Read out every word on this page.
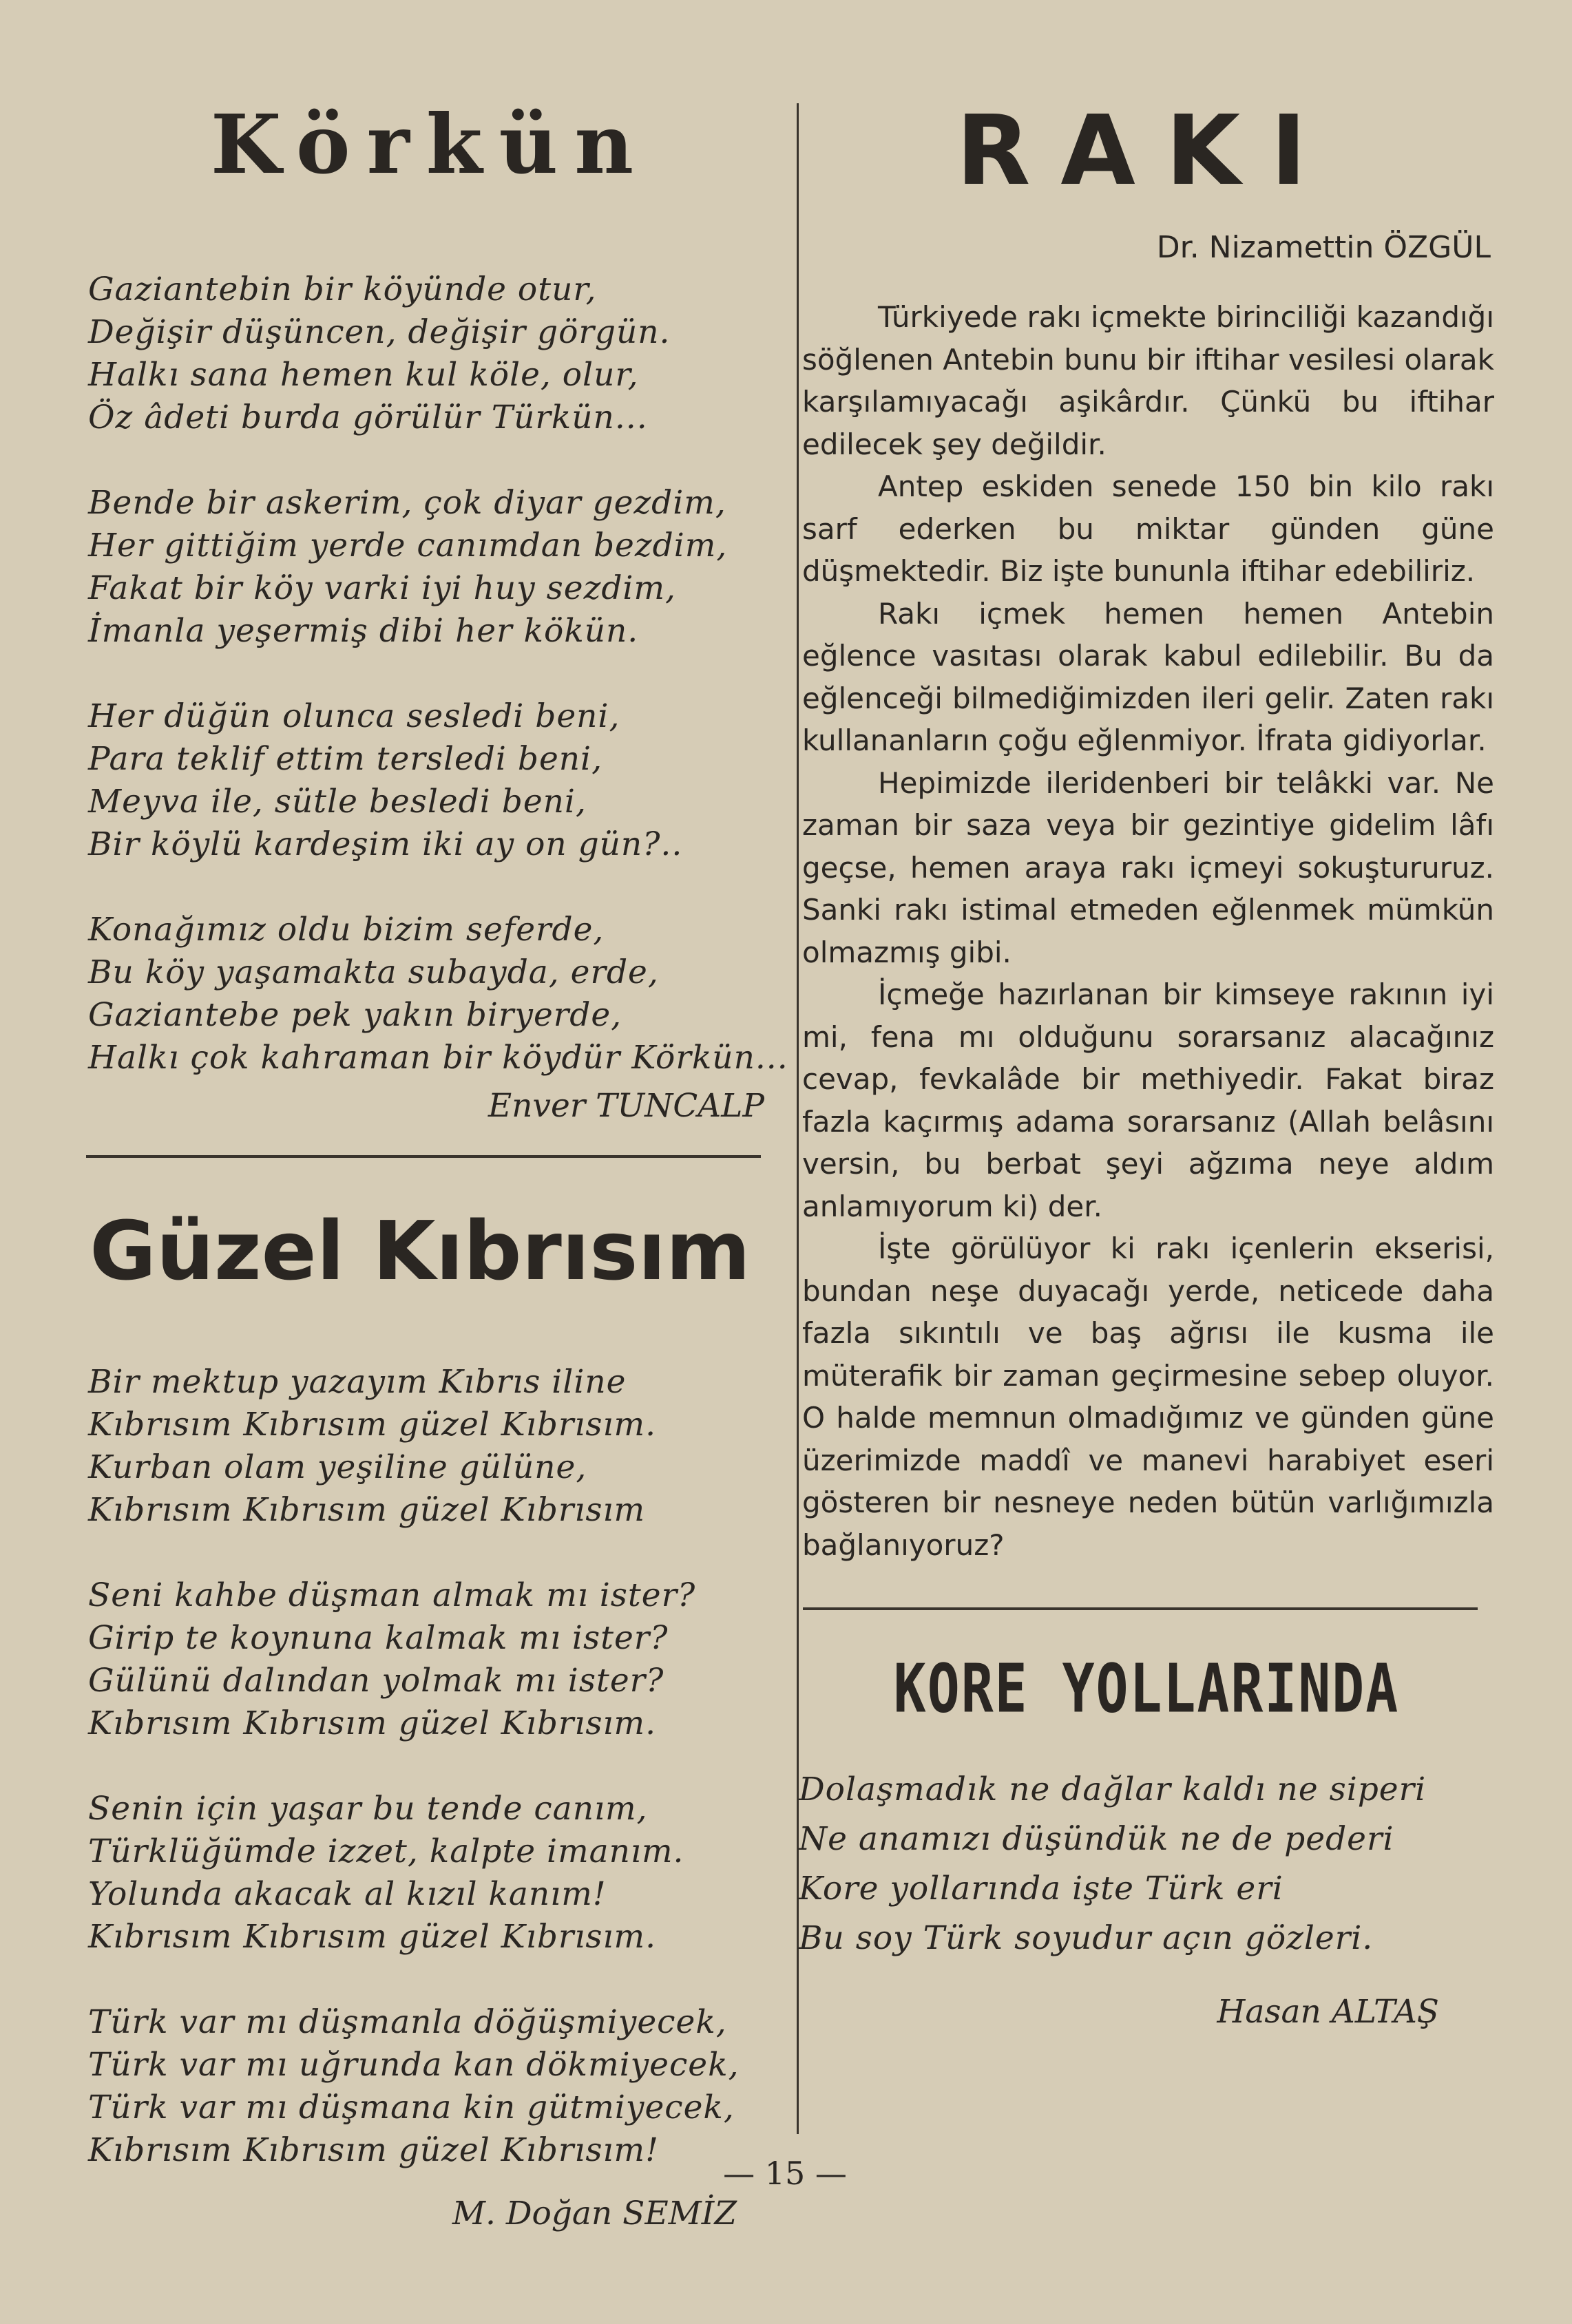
Körkün
Gaziantebin bir köyünde otur,
Değişir düşüncen, değişir görgün.
Halkı sana hemen kul köle, olur,
Öz âdeti burda görülür Türkün...
Bende bir askerim, çok diyar gezdim,
Her gittiğim yerde canımdan bezdim,
Fakat bir köy varki iyi huy sezdim,
İmanla yeşermiş dibi her kökün.
Her düğün olunca sesledi beni,
Para teklif ettim tersledi beni,
Meyva ile, sütle besledi beni,
Bir köylü kardeşim iki ay on gün?..
Konağımız oldu bizim seferde,
Bu köy yaşamakta subayda, erde,
Gaziantebe pek yakın biryerde,
Halkı çok kahraman bir köydür Körkün...
Enver TUNCALP
Güzel Kıbrısım
Bir mektup yazayım Kıbrıs iline
Kıbrısım Kıbrısım güzel Kıbrısım.
Kurban olam yeşiline gülüne,
Kıbrısım Kıbrısım güzel Kıbrısım
Seni kahbe düşman almak mı ister?
Girip te koynuna kalmak mı ister?
Gülünü dalından yolmak mı ister?
Kıbrısım Kıbrısım güzel Kıbrısım.
Senin için yaşar bu tende canım,
Türklüğümde izzet, kalpte imanım.
Yolunda akacak al kızıl kanım!
Kıbrısım Kıbrısım güzel Kıbrısım.
Türk var mı düşmanla döğüşmiyecek,
Türk var mı uğrunda kan dökmiyecek,
Türk var mı düşmana kin gütmiyecek,
Kıbrısım Kıbrısım güzel Kıbrısım!
M. Doğan SEMİZ
RAKI
Dr. Nizamettin ÖZGÜL

Türkiyede rakı içmekte birinciliği kazandığı söğlenen Antebin bunu bir iftihar vesilesi olarak karşılamıyacağı aşikârdır. Çünkü bu iftihar edilecek şey değildir.

Antep eskiden senede 150 bin kilo rakı sarf ederken bu miktar günden güne düşmektedir. Biz işte bununla iftihar edebiliriz.

Rakı içmek hemen hemen Antebin eğlence vasıtası olarak kabul edilebilir. Bu da eğlenceği bilmediğimizden ileri gelir. Zaten rakı kullananların çoğu eğlenmiyor. İfrata gidiyorlar.

Hepimizde ileridenberi bir telâkki var. Ne zaman bir saza veya bir gezintiye gidelim lâfı geçse, hemen araya rakı içmeyi sokuştururuz. Sanki rakı istimal etmeden eğlenmek mümkün olmazmış gibi.

İçmeğe hazırlanan bir kimseye rakının iyi mi, fena mı olduğunu sorarsanız alacağınız cevap, fevkalâde bir methiyedir. Fakat biraz fazla kaçırmış adama sorarsanız (Allah belâsını versin, bu berbat şeyi ağzıma neye aldım anlamıyorum ki) der.

İşte görülüyor ki rakı içenlerin ekserisi, bundan neşe duyacağı yerde, neticede daha fazla sıkıntılı ve baş ağrısı ile kusma ile müterafik bir zaman geçirmesine sebep oluyor. O halde memnun olmadığımız ve günden güne üzerimizde maddî ve manevi harabiyet eseri gösteren bir nesneye neden bütün varlığımızla bağlanıyoruz?

KORE YOLLARINDA
Dolaşmadık ne dağlar kaldı ne siperi
Ne anamızı düşündük ne de pederi
Kore yollarında işte Türk eri
Bu soy Türk soyudur açın gözleri.
Hasan ALTAŞ
— 15 —
